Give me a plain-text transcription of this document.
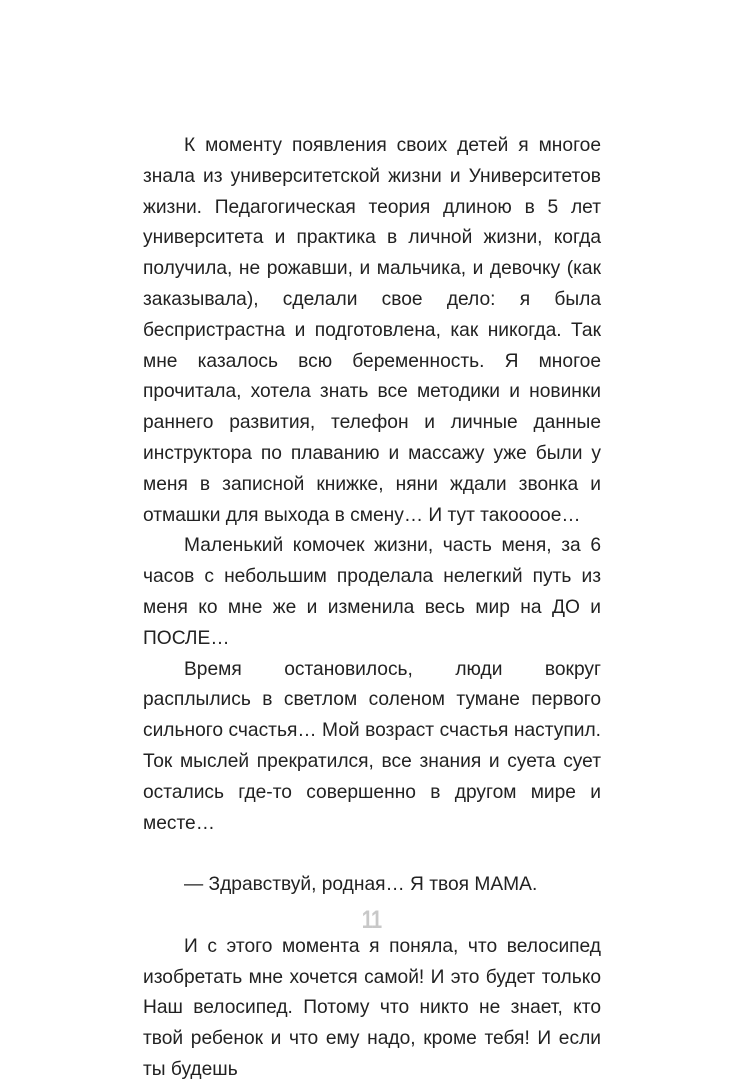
К моменту появления своих детей я многое знала из университетской жизни и Университетов жизни. Педагогическая теория длиною в 5 лет университета и практика в личной жизни, когда получила, не рожавши, и мальчика, и девочку (как заказывала), сделали свое дело: я была беспристрастна и подготовлена, как никогда. Так мне казалось всю беременность. Я многое прочитала, хотела знать все методики и новинки раннего развития, телефон и личные данные инструктора по плаванию и массажу уже были у меня в записной книжке, няни ждали звонка и отмашки для выхода в смену… И тут такоооое…

Маленький комочек жизни, часть меня, за 6 часов с небольшим проделала нелегкий путь из меня ко мне же и изменила весь мир на ДО и ПОСЛЕ…

Время остановилось, люди вокруг расплылись в светлом соленом тумане первого сильного счастья… Мой возраст счастья наступил. Ток мыслей прекратился, все знания и суета сует остались где-то совершенно в другом мире и месте…

— Здравствуй, родная… Я твоя МАМА.

И с этого момента я поняла, что велосипед изобретать мне хочется самой! И это будет только Наш велосипед. Потому что никто не знает, кто твой ребенок и что ему надо, кроме тебя! И если ты будешь

11
